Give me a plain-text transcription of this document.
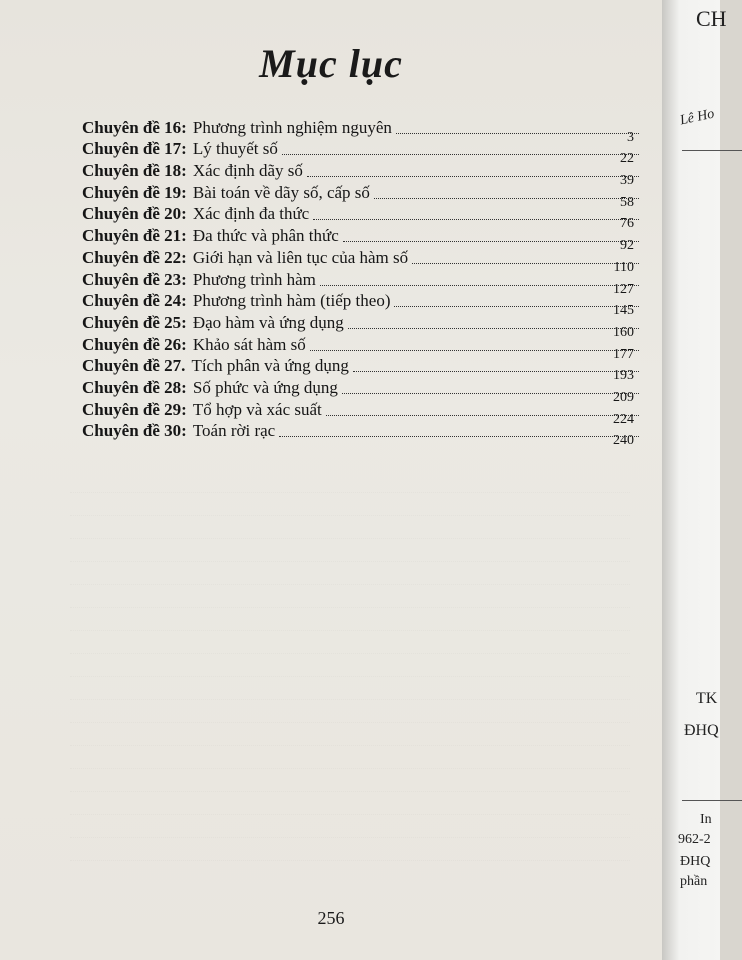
Mục lục
Chuyên đề 16: Phương trình nghiệm nguyên
3
Chuyên đề 17: Lý thuyết số
22
Chuyên đề 18: Xác định dãy số
39
Chuyên đề 19: Bài toán về dãy số, cấp số
58
Chuyên đề 20: Xác định đa thức
76
Chuyên đề 21: Đa thức và phân thức
92
Chuyên đề 22: Giới hạn và liên tục của hàm số
110
Chuyên đề 23: Phương trình hàm
127
Chuyên đề 24: Phương trình hàm (tiếp theo)
145
Chuyên đề 25: Đạo hàm và ứng dụng
160
Chuyên đề 26: Khảo sát hàm số
177
Chuyên đề 27. Tích phân và ứng dụng
193
Chuyên đề 28: Số phức và ứng dụng
209
Chuyên đề 29: Tổ hợp và xác suất
224
Chuyên đề 30: Toán rời rạc
240
256
CH
Lê Ho
TK
ĐHQ
In
962-2
ĐHQ
phần
